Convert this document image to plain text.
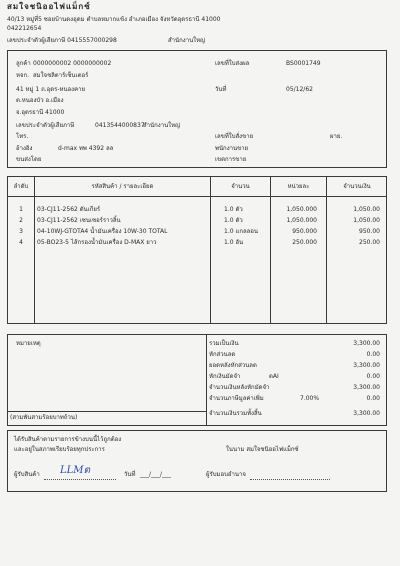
สมใจชนิออไฟแม็กซ์
40/13 หมู่ที่5 ซอยบ้านดงอุดม ตำบลหมากแข้ง อำเภอเมือง จังหวัดอุดรธานี 41000
042212654
เลขประจำตัวผู้เสียภาษี 0415557000298	สำนักงานใหญ่
ลูกค้า 0000000002 0000000002
หจก. สมใจชลิตาร์เซ็นเตอร์
41 หมู่ 1 ถ.อุดร-หนองคาย
ต.หนองบัว อ.เมือง
จ.อุดรธานี 41000
เลขประจำตัวผู้เสียภาษี	0413544000837
สำนักงานใหญ่
โทร.
อ้างอิง	d-max ทพ 4392 ลล
ขนส่งโดย
เลขที่ใบส่งผล	BS0001749
วันที่	05/12/62
เลขที่ใบสั่งขาย	ผาย.
พนักงานขาย
เขตการขาย
ลำดับ	รหัสสินค้า / รายละเอียด	จำนวน	หน่วยละ	จำนวนเงิน
1	03-CJ11-2562 ดันเกียร์	1.0 ตัว	1,050.000	1,050.00
2	03-CJ11-2562 เซนเซอร์ราวลิ้น	1.0 ตัว	1,050.000	1,050.00
3	04-10WJ-GTOTA4 น้ำมันเครื่อง 10W-30 TOTAL	1.0 แกลลอน	950.000	950.00
4	05-BO23-5 ไส้กรองน้ำมันเครื่อง D-MAX ยาว	1.0 อัน	250.000	250.00
หมายเหตุ
(สามพันสามร้อยบาทถ้วน)
รวมเป็นเงิน	3,300.00
หักส่วนลด	0.00
ยอดหลังหักส่วนลด	3,300.00
หักเงินมัดจำ	ดAI	0.00
จำนวนเงินหลังหักมัดจำ	3,300.00
จำนวนภาษีมูลค่าเพิ่ม	7.00%	0.00
จำนวนเงินรวมทั้งสิ้น	3,300.00
ได้รับสินค้าตามรายการข้างบนนี้ไว้ถูกต้อง
และอยู่ในสภาพเรียบร้อยทุกประการ	ในนาม สมใจชนิออไฟแม็กซ์
ผู้รับสินค้า LLMต	วันที่ ___/___/___	ผู้รับมอบอำนาจ
